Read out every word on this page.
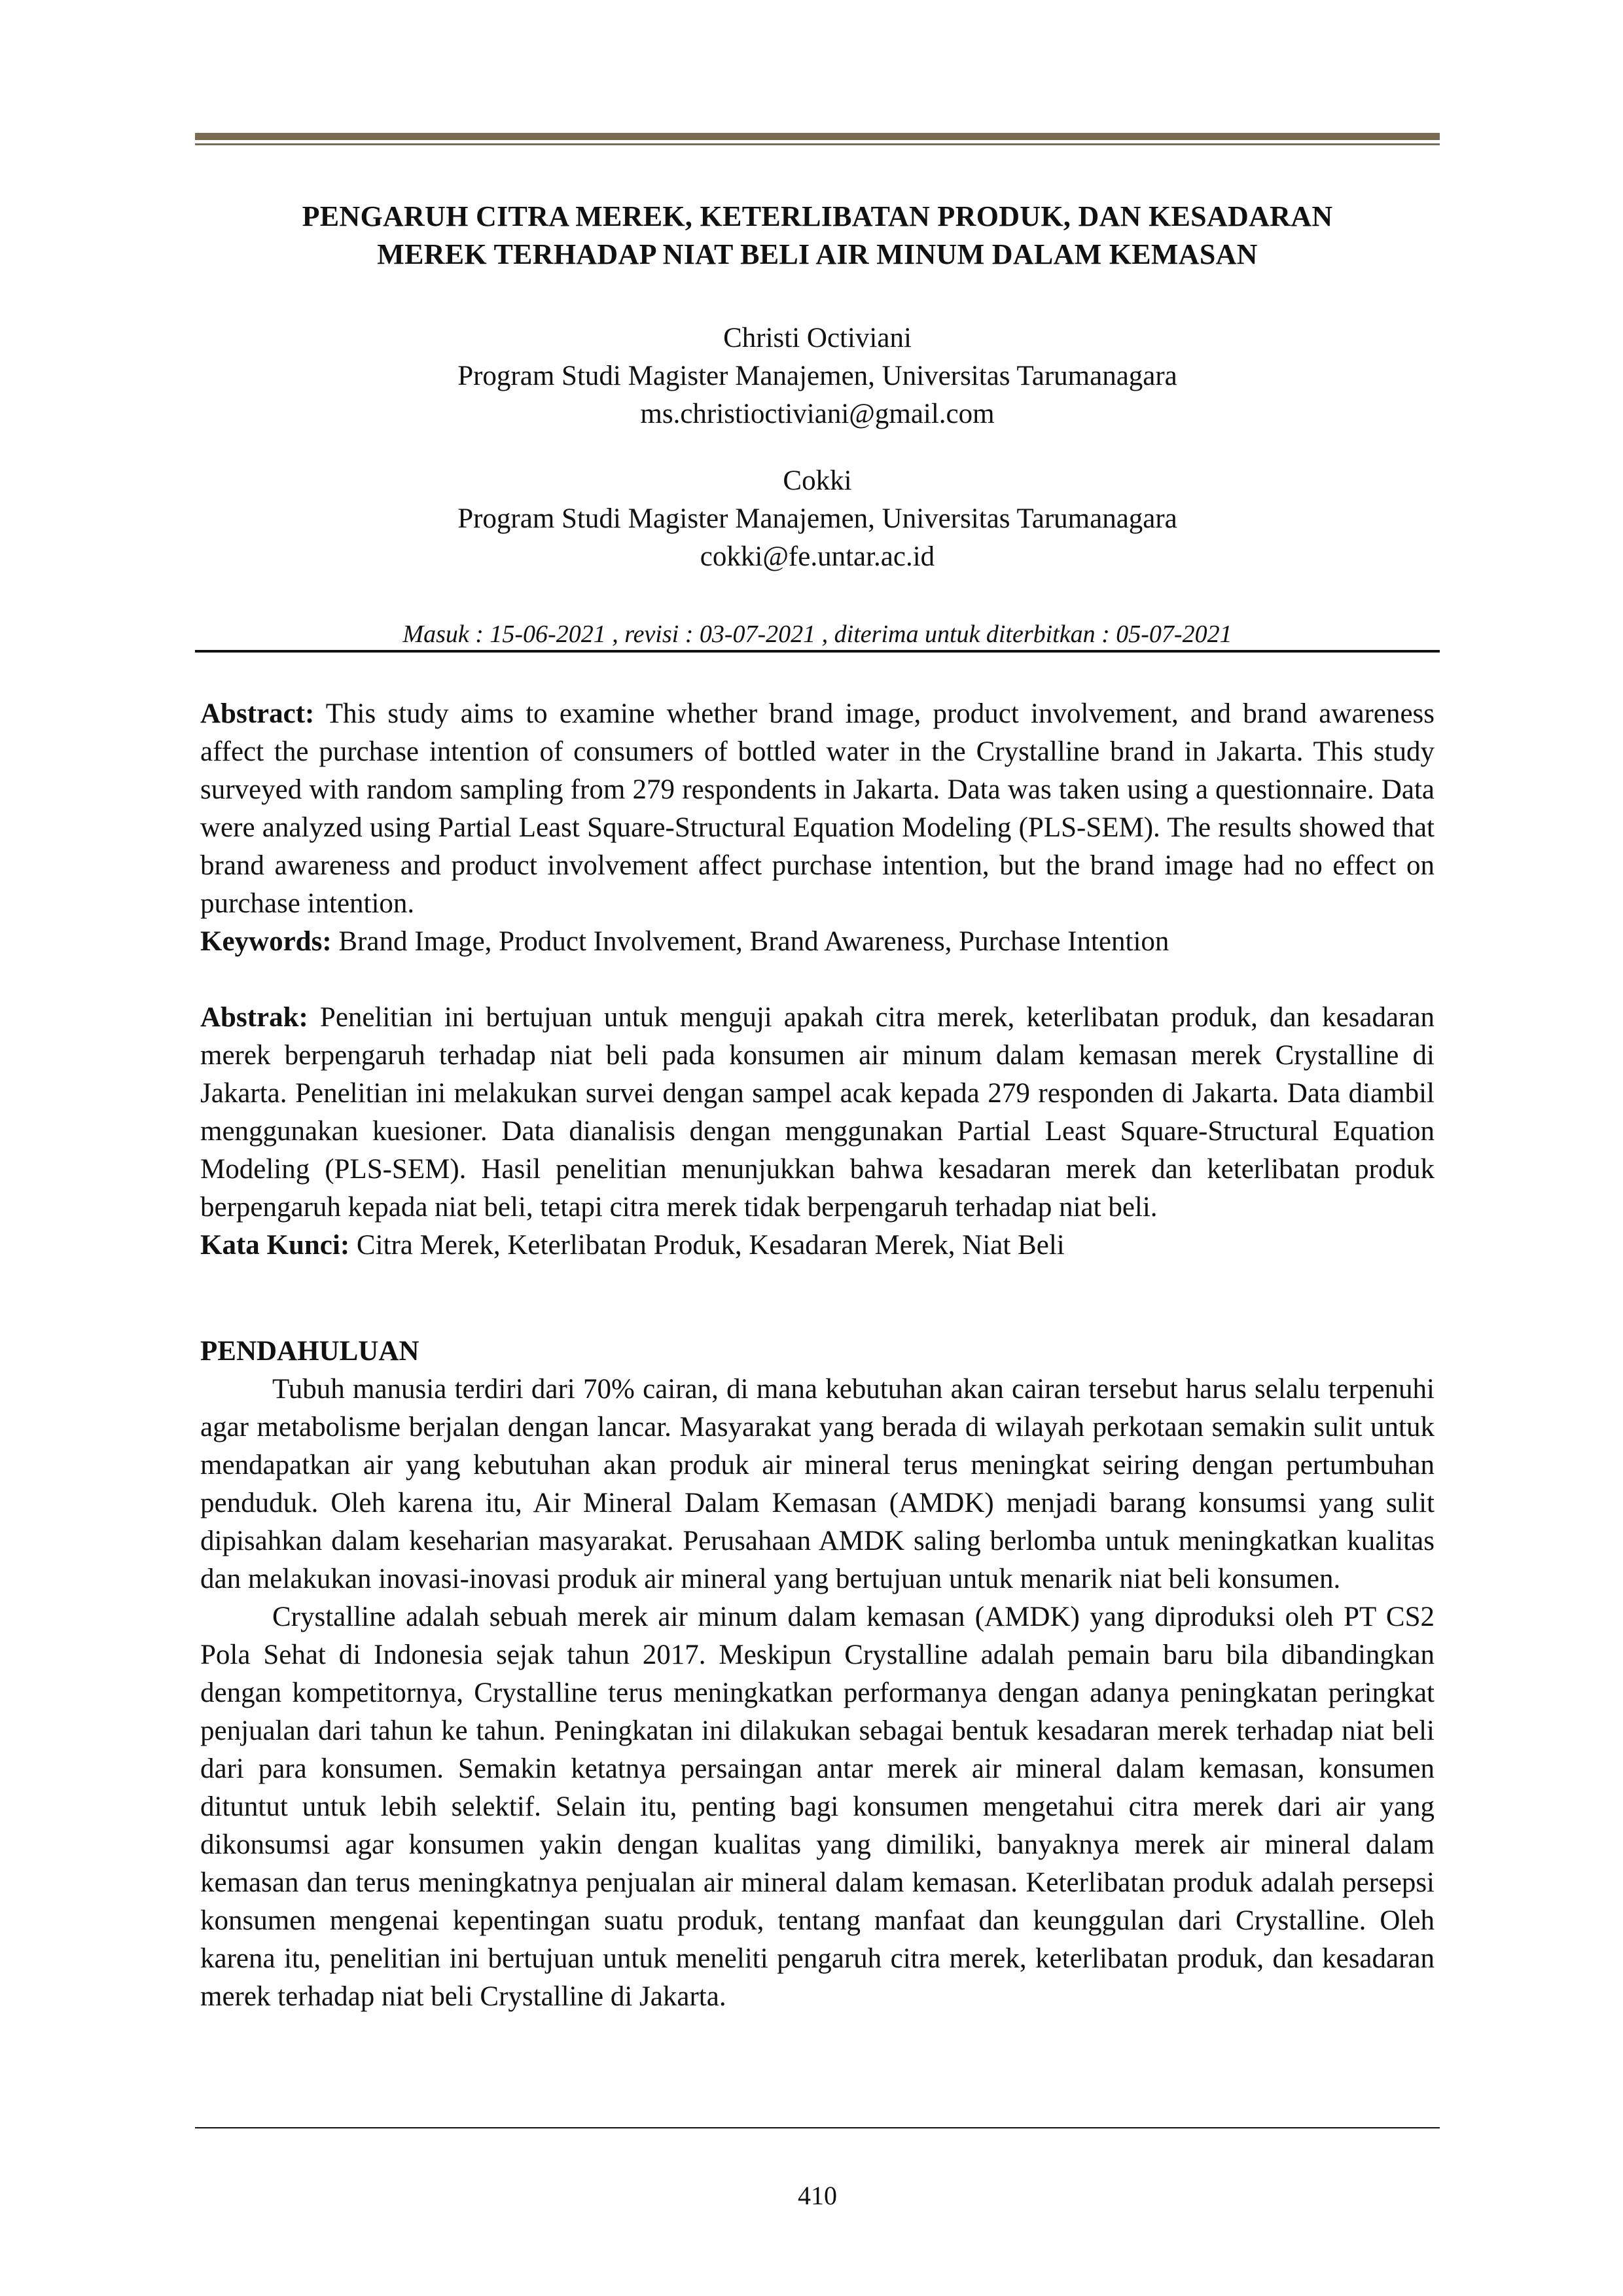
PENGARUH CITRA MEREK, KETERLIBATAN PRODUK, DAN KESADARAN
MEREK TERHADAP NIAT BELI AIR MINUM DALAM KEMASAN
Christi Octiviani
Program Studi Magister Manajemen, Universitas Tarumanagara
ms.christioctiviani@gmail.com
Cokki
Program Studi Magister Manajemen, Universitas Tarumanagara
cokki@fe.untar.ac.id
Masuk : 15-06-2021 , revisi : 03-07-2021 , diterima untuk diterbitkan : 05-07-2021

Abstract: This study aims to examine whether brand image, product involvement, and brand awareness affect the purchase intention of consumers of bottled water in the Crystalline brand in Jakarta. This study surveyed with random sampling from 279 respondents in Jakarta. Data was taken using a questionnaire. Data were analyzed using Partial Least Square-Structural Equation Modeling (PLS-SEM). The results showed that brand awareness and product involvement affect purchase intention, but the brand image had no effect on purchase intention.

Keywords: Brand Image, Product Involvement, Brand Awareness, Purchase Intention

Abstrak: Penelitian ini bertujuan untuk menguji apakah citra merek, keterlibatan produk, dan kesadaran merek berpengaruh terhadap niat beli pada konsumen air minum dalam kemasan merek Crystalline di Jakarta. Penelitian ini melakukan survei dengan sampel acak kepada 279 responden di Jakarta. Data diambil menggunakan kuesioner. Data dianalisis dengan menggunakan Partial Least Square-Structural Equation Modeling (PLS-SEM). Hasil penelitian menunjukkan bahwa kesadaran merek dan keterlibatan produk berpengaruh kepada niat beli, tetapi citra merek tidak berpengaruh terhadap niat beli.

Kata Kunci: Citra Merek, Keterlibatan Produk, Kesadaran Merek, Niat Beli

PENDAHULUAN

Tubuh manusia terdiri dari 70% cairan, di mana kebutuhan akan cairan tersebut harus selalu terpenuhi agar metabolisme berjalan dengan lancar. Masyarakat yang berada di wilayah perkotaan semakin sulit untuk mendapatkan air yang kebutuhan akan produk air mineral terus meningkat seiring dengan pertumbuhan penduduk. Oleh karena itu, Air Mineral Dalam Kemasan (AMDK) menjadi barang konsumsi yang sulit dipisahkan dalam keseharian masyarakat. Perusahaan AMDK saling berlomba untuk meningkatkan kualitas dan melakukan inovasi-inovasi produk air mineral yang bertujuan untuk menarik niat beli konsumen.

Crystalline adalah sebuah merek air minum dalam kemasan (AMDK) yang diproduksi oleh PT CS2 Pola Sehat di Indonesia sejak tahun 2017. Meskipun Crystalline adalah pemain baru bila dibandingkan dengan kompetitornya, Crystalline terus meningkatkan performanya dengan adanya peningkatan peringkat penjualan dari tahun ke tahun. Peningkatan ini dilakukan sebagai bentuk kesadaran merek terhadap niat beli dari para konsumen. Semakin ketatnya persaingan antar merek air mineral dalam kemasan, konsumen dituntut untuk lebih selektif. Selain itu, penting bagi konsumen mengetahui citra merek dari air yang dikonsumsi agar konsumen yakin dengan kualitas yang dimiliki, banyaknya merek air mineral dalam kemasan dan terus meningkatnya penjualan air mineral dalam kemasan. Keterlibatan produk adalah persepsi konsumen mengenai kepentingan suatu produk, tentang manfaat dan keunggulan dari Crystalline. Oleh karena itu, penelitian ini bertujuan untuk meneliti pengaruh citra merek, keterlibatan produk, dan kesadaran merek terhadap niat beli Crystalline di Jakarta.

410
